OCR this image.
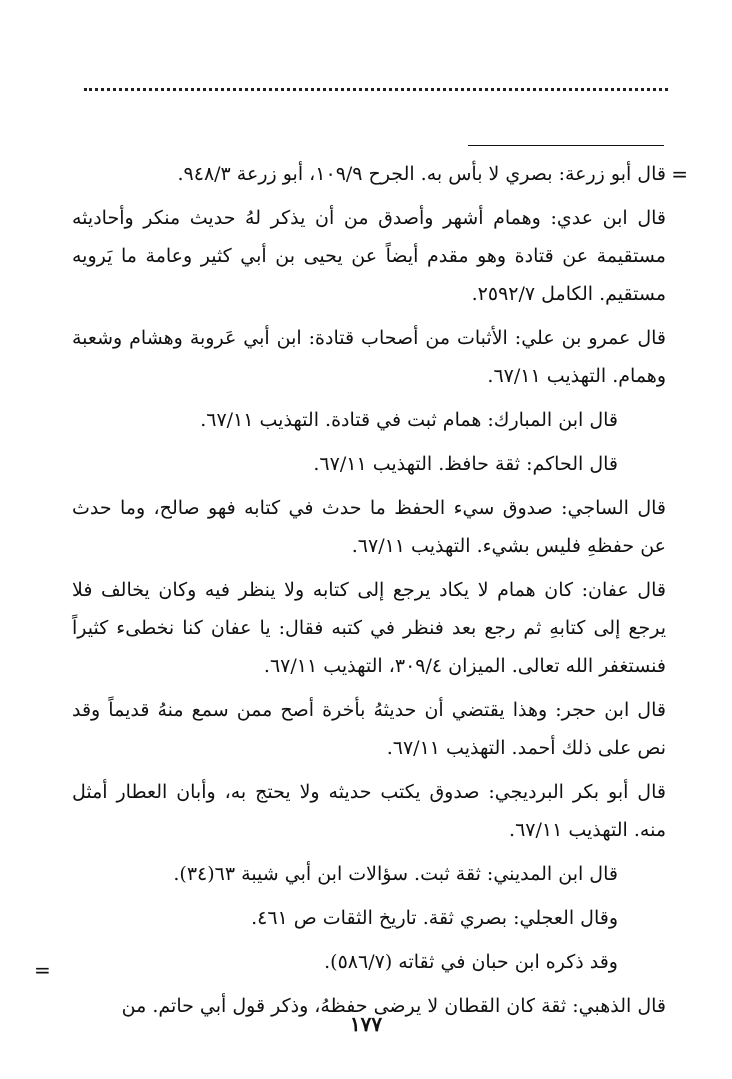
=

قال أبو زرعة: بصري لا بأس به. الجرح ١٠٩/٩، أبو زرعة ٩٤٨/٣.

قال ابن عدي: وهمام أشهر وأصدق من أن يذكر لهُ حديث منكر وأحاديثه مستقيمة عن قتادة وهو مقدم أيضاً عن يحيى بن أبي كثير وعامة ما يَرويه مستقيم. الكامل ٢٥٩٢/٧.

قال عمرو بن علي: الأثبات من أصحاب قتادة: ابن أبي عَروبة وهشام وشعبة وهمام. التهذيب ٦٧/١١.

قال ابن المبارك: همام ثبت في قتادة. التهذيب ٦٧/١١.

قال الحاكم: ثقة حافظ. التهذيب ٦٧/١١.

قال الساجي: صدوق سيء الحفظ ما حدث في كتابه فهو صالح، وما حدث عن حفظهِ فليس بشيء. التهذيب ٦٧/١١.

قال عفان: كان همام لا يكاد يرجع إلى كتابه ولا ينظر فيه وكان يخالف فلا يرجع إلى كتابهِ ثم رجع بعد فنظر في كتبه فقال: يا عفان كنا نخطىء كثيراً فنستغفر الله تعالى. الميزان ٣٠٩/٤، التهذيب ٦٧/١١.

قال ابن حجر: وهذا يقتضي أن حديثهُ بأخرة أصح ممن سمع منهُ قديماً وقد نص على ذلك أحمد. التهذيب ٦٧/١١.

قال أبو بكر البرديجي: صدوق يكتب حديثه ولا يحتج به، وأبان العطار أمثل منه. التهذيب ٦٧/١١.

قال ابن المديني: ثقة ثبت. سؤالات ابن أبي شيبة ٦٣(٣٤).

وقال العجلي: بصري ثقة. تاريخ الثقات ص ٤٦١.

وقد ذكره ابن حبان في ثقاته (٥٨٦/٧).

قال الذهبي: ثقة كان القطان لا يرضى حفظهُ، وذكر قول أبي حاتم. من

=
١٧٧
